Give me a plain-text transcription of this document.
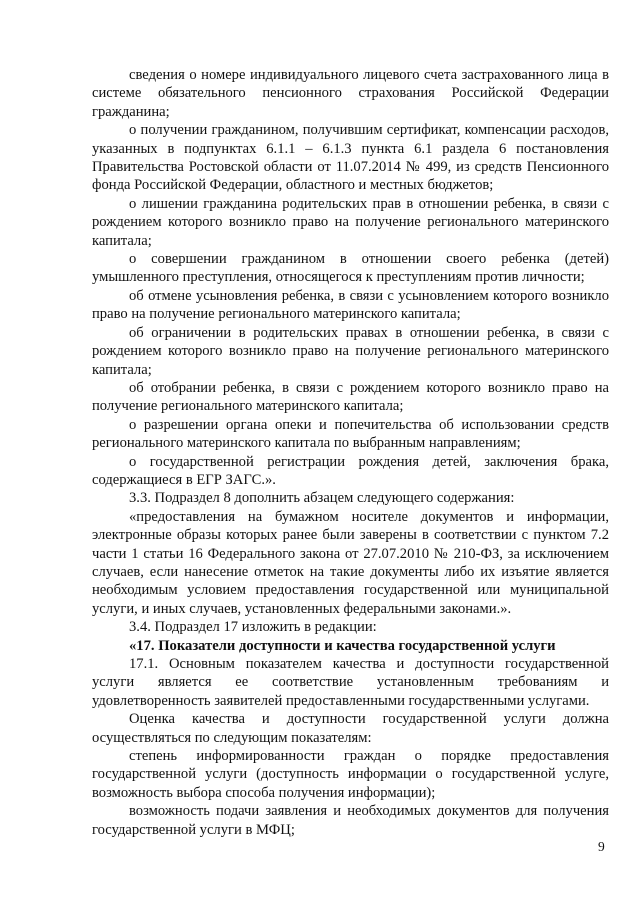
сведения о номере индивидуального лицевого счета застрахованного лица в системе обязательного пенсионного страхования Российской Федерации гражданина;

о получении гражданином, получившим сертификат, компенсации расходов, указанных в подпунктах 6.1.1 – 6.1.3 пункта 6.1 раздела 6 постановления Правительства Ростовской области от 11.07.2014 № 499, из средств Пенсионного фонда Российской Федерации, областного и местных бюджетов;

о лишении гражданина родительских прав в отношении ребенка, в связи с рождением которого возникло право на получение регионального материнского капитала;

о совершении гражданином в отношении своего ребенка (детей) умышленного преступления, относящегося к преступлениям против личности;

об отмене усыновления ребенка, в связи с усыновлением которого возникло право на получение регионального материнского капитала;

об ограничении в родительских правах в отношении ребенка, в связи с рождением которого возникло право на получение регионального материнского капитала;

об отобрании ребенка, в связи с рождением которого возникло право на получение регионального материнского капитала;

о разрешении органа опеки и попечительства об использовании средств регионального материнского капитала по выбранным направлениям;

о государственной регистрации рождения детей, заключения брака, содержащиеся в ЕГР ЗАГС.».

3.3. Подраздел 8 дополнить абзацем следующего содержания:

«предоставления на бумажном носителе документов и информации, электронные образы которых ранее были заверены в соответствии с пунктом 7.2 части 1 статьи 16 Федерального закона от 27.07.2010 № 210-ФЗ, за исключением случаев, если нанесение отметок на такие документы либо их изъятие является необходимым условием предоставления государственной или муниципальной услуги, и иных случаев, установленных федеральными законами.».

3.4. Подраздел 17 изложить в редакции:

«17. Показатели доступности и качества государственной услуги

17.1. Основным показателем качества и доступности государственной услуги является ее соответствие установленным требованиям и удовлетворенность заявителей предоставленными государственными услугами.

Оценка качества и доступности государственной услуги должна осуществляться по следующим показателям:

степень информированности граждан о порядке предоставления государственной услуги (доступность информации о государственной услуге, возможность выбора способа получения информации);

возможность подачи заявления и необходимых документов для получения государственной услуги в МФЦ;

9
